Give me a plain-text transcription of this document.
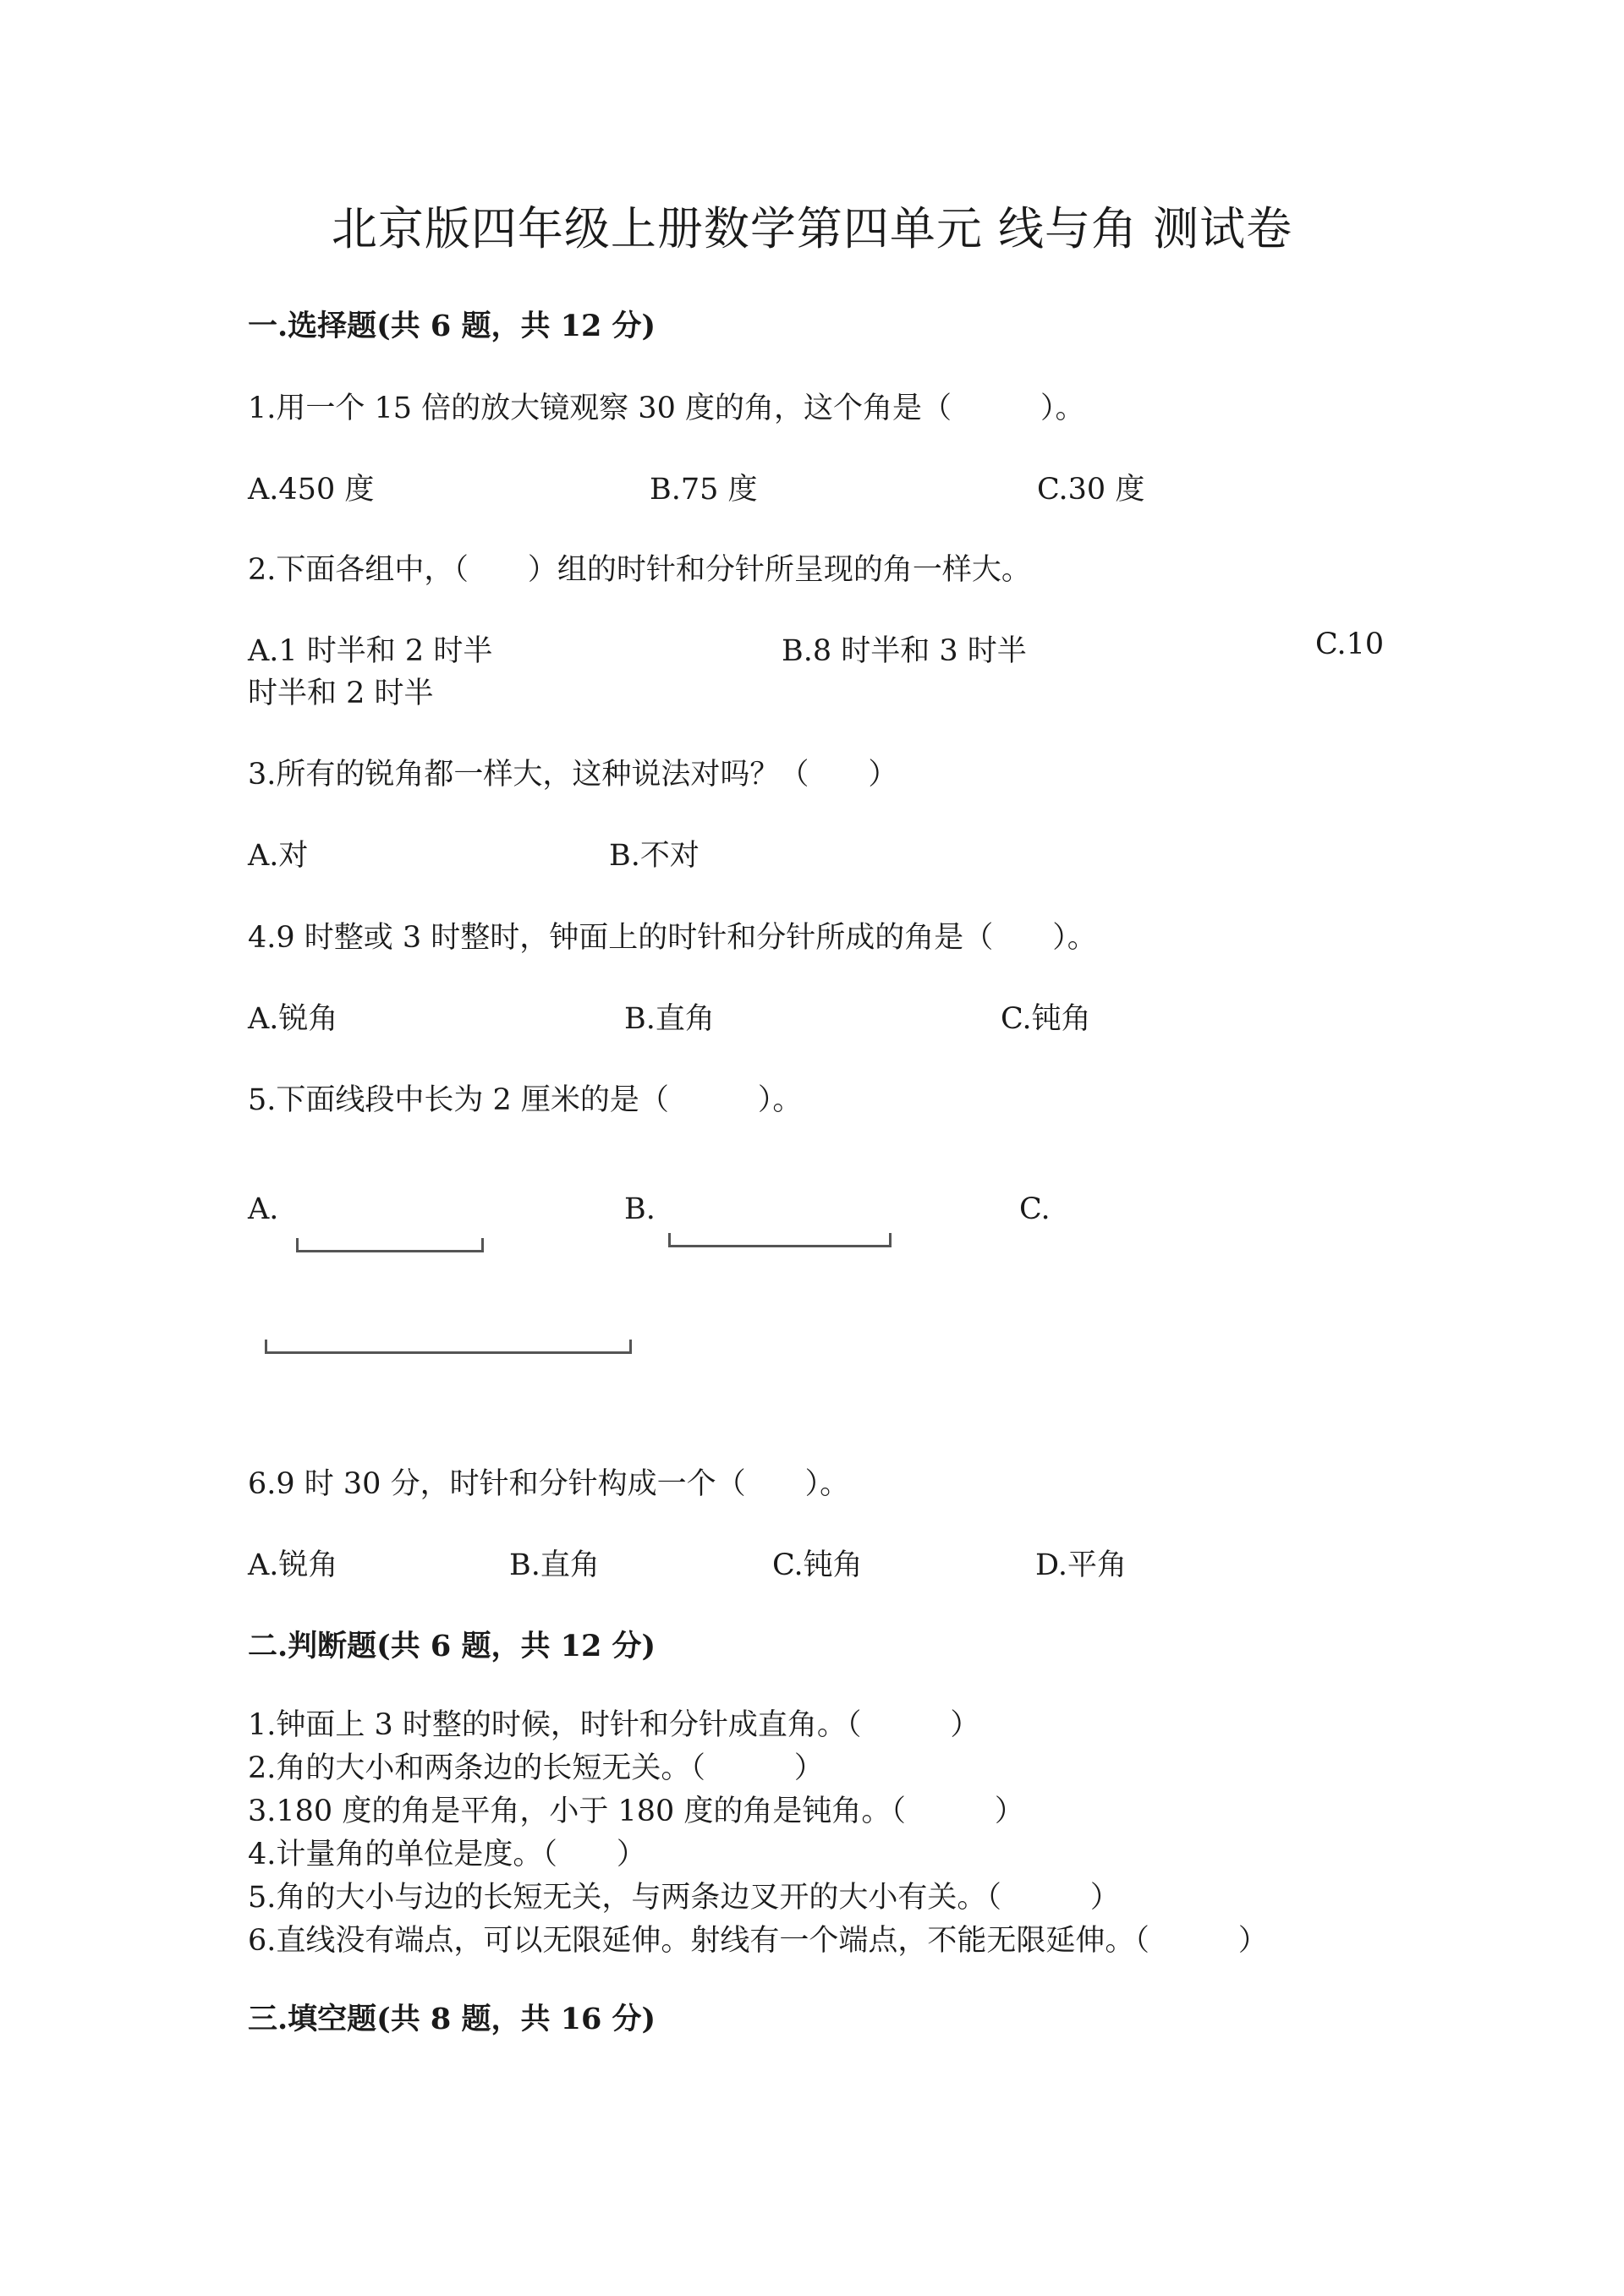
北京版四年级上册数学第四单元 线与角 测试卷
一.选择题(共 6 题，共 12 分)
1.用一个 15 倍的放大镜观察 30 度的角，这个角是（　　　）。
A.450 度	B.75 度	C.30 度
2.下面各组中，（　　）组的时针和分针所呈现的角一样大。
A.1 时半和 2 时半	B.8 时半和 3 时半	C.10
时半和 2 时半
3.所有的锐角都一样大，这种说法对吗？（　　）
A.对	B.不对
4.9 时整或 3 时整时，钟面上的时针和分针所成的角是（　　）。
A.锐角	B.直角	C.钝角
5.下面线段中长为 2 厘米的是（　　　）。
A.	B.	C.
6.9 时 30 分，时针和分针构成一个（　　）。
A.锐角	B.直角	C.钝角	D.平角
二.判断题(共 6 题，共 12 分)
1.钟面上 3 时整的时候，时针和分针成直角。（　　　）
2.角的大小和两条边的长短无关。（　　　）
3.180 度的角是平角，小于 180 度的角是钝角。（　　　）
4.计量角的单位是度。（　　）
5.角的大小与边的长短无关，与两条边叉开的大小有关。（　　　）
6.直线没有端点，可以无限延伸。射线有一个端点，不能无限延伸。（　　　）
三.填空题(共 8 题，共 16 分)
